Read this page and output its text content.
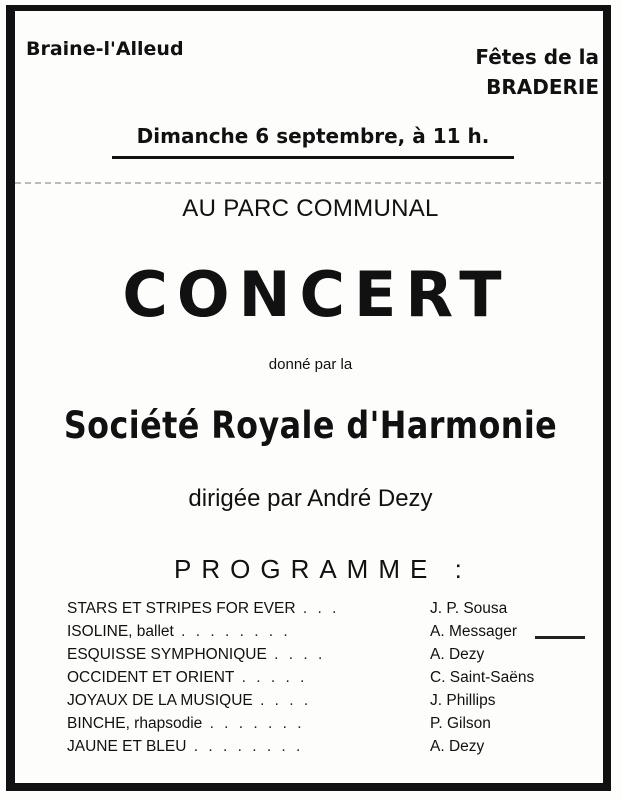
Braine-l'Alleud	Fêtes de la
BRADERIE
Dimanche 6 septembre, à 11 h.
AU PARC COMMUNAL
CONCERT
donné par la
Société Royale d'Harmonie
dirigée par André Dezy
PROGRAMME :
STARS ET STRIPES FOR EVER . . .	J. P. Sousa
ISOLINE, ballet . . . . . . . .	A. Messager
ESQUISSE SYMPHONIQUE . . . .	A. Dezy
OCCIDENT ET ORIENT . . . . .	C. Saint-Saëns
JOYAUX DE LA MUSIQUE . . . .	J. Phillips
BINCHE, rhapsodie . . . . . . .	P. Gilson
JAUNE ET BLEU . . . . . . . .	A. Dezy
